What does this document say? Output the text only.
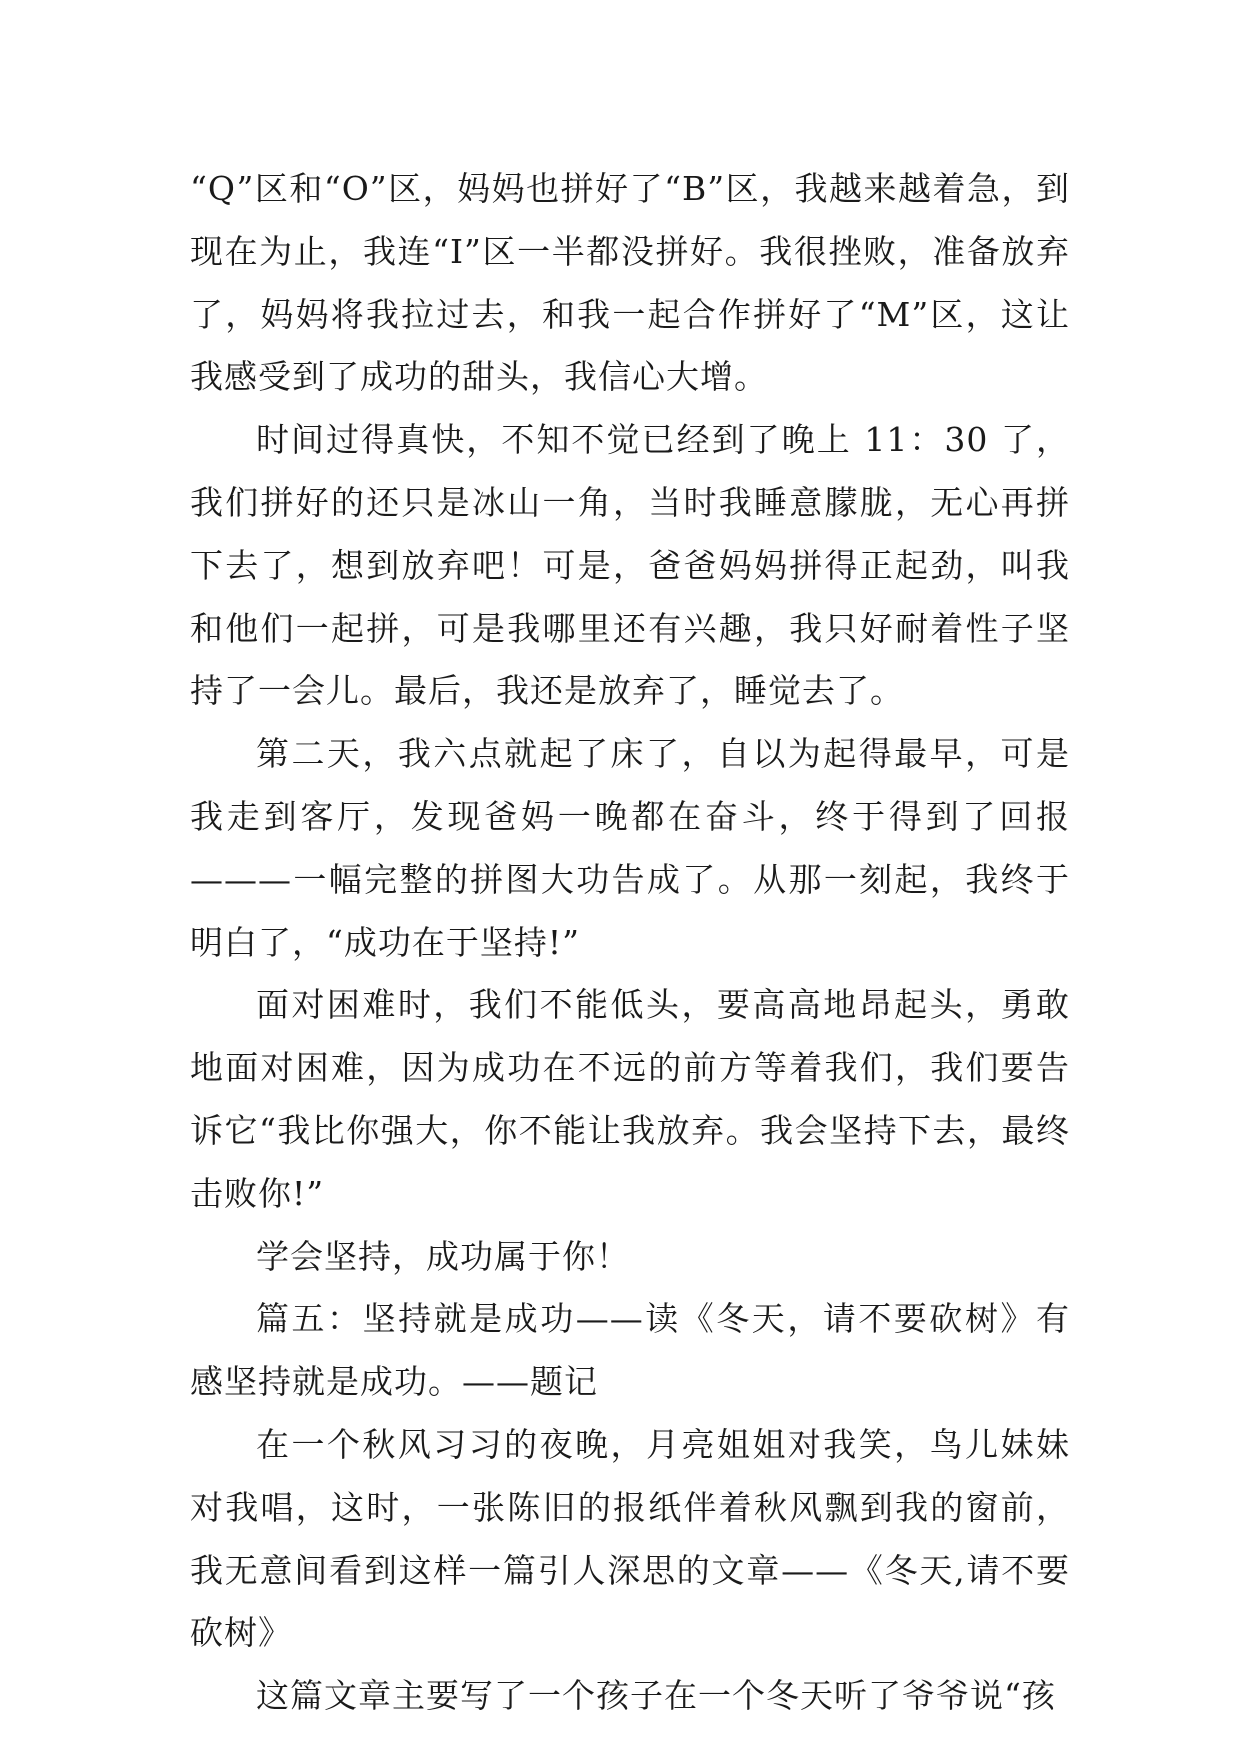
“Q”区和“O”区，妈妈也拼好了“B”区，我越来越着急，到现在为止，我连“I”区一半都没拼好。我很挫败，准备放弃了，妈妈将我拉过去，和我一起合作拼好了“M”区，这让我感受到了成功的甜头，我信心大增。

时间过得真快，不知不觉已经到了晚上 11：30 了，我们拼好的还只是冰山一角，当时我睡意朦胧，无心再拼下去了，想到放弃吧！可是，爸爸妈妈拼得正起劲，叫我和他们一起拼，可是我哪里还有兴趣，我只好耐着性子坚持了一会儿。最后，我还是放弃了，睡觉去了。

第二天，我六点就起了床了，自以为起得最早，可是我走到客厅，发现爸妈一晚都在奋斗，终于得到了回报———一幅完整的拼图大功告成了。从那一刻起，我终于明白了，“成功在于坚持!”

面对困难时，我们不能低头，要高高地昂起头，勇敢地面对困难，因为成功在不远的前方等着我们，我们要告诉它“我比你强大，你不能让我放弃。我会坚持下去，最终击败你!”

学会坚持，成功属于你！

篇五：坚持就是成功——读《冬天，请不要砍树》有感坚持就是成功。——题记

在一个秋风习习的夜晚，月亮姐姐对我笑，鸟儿妹妹对我唱，这时，一张陈旧的报纸伴着秋风飘到我的窗前，我无意间看到这样一篇引人深思的文章——《冬天,请不要砍树》

这篇文章主要写了一个孩子在一个冬天听了爷爷说“孩
